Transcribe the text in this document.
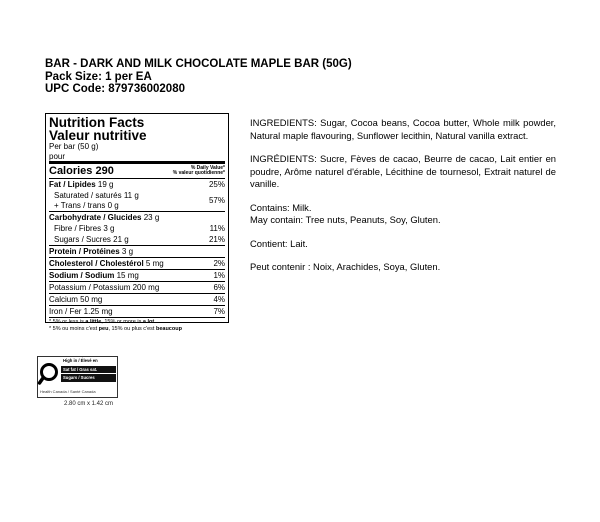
BAR - DARK AND MILK CHOCOLATE MAPLE BAR (50G)
Pack Size: 1 per EA
UPC Code: 879736002080
Nutrition Facts
Valeur nutritive
Per bar (50 g)
pour
Calories 290	% Daily Value*
% valeur quotidienne*
Fat / Lipides 19 g	25%
Saturated / saturés 11 g
+ Trans / trans 0 g
57%
Carbohydrate / Glucides 23 g
Fibre / Fibres 3 g	11%
Sugars / Sucres 21 g	21%
Protein / Protéines 3 g
Cholesterol / Cholestérol 5 mg	2%
Sodium / Sodium 15 mg	1%
Potassium / Potassium 200 mg	6%
Calcium 50 mg	4%
Iron / Fer 1.25 mg	7%
* 5% or less is a little, 15% or more is a lot
* 5% ou moins c'est peu, 15% ou plus c'est beaucoup

INGREDIENTS: Sugar, Cocoa beans, Cocoa butter, Whole milk powder, Natural maple flavouring, Sunflower lecithin, Natural vanilla extract.

INGRÉDIENTS: Sucre, Fèves de cacao, Beurre de cacao, Lait entier en poudre, Arôme naturel d'érable, Lécithine de tournesol, Extrait naturel de vanille.

Contains: Milk.
May contain: Tree nuts, Peanuts, Soy, Gluten.

Contient: Lait.

Peut contenir : Noix, Arachides, Soya, Gluten.

High in / Élevé en
Sat fat / Gras sat.
Sugars / Sucres
Health Canada / Santé Canada
2.80 cm x 1.42 cm
